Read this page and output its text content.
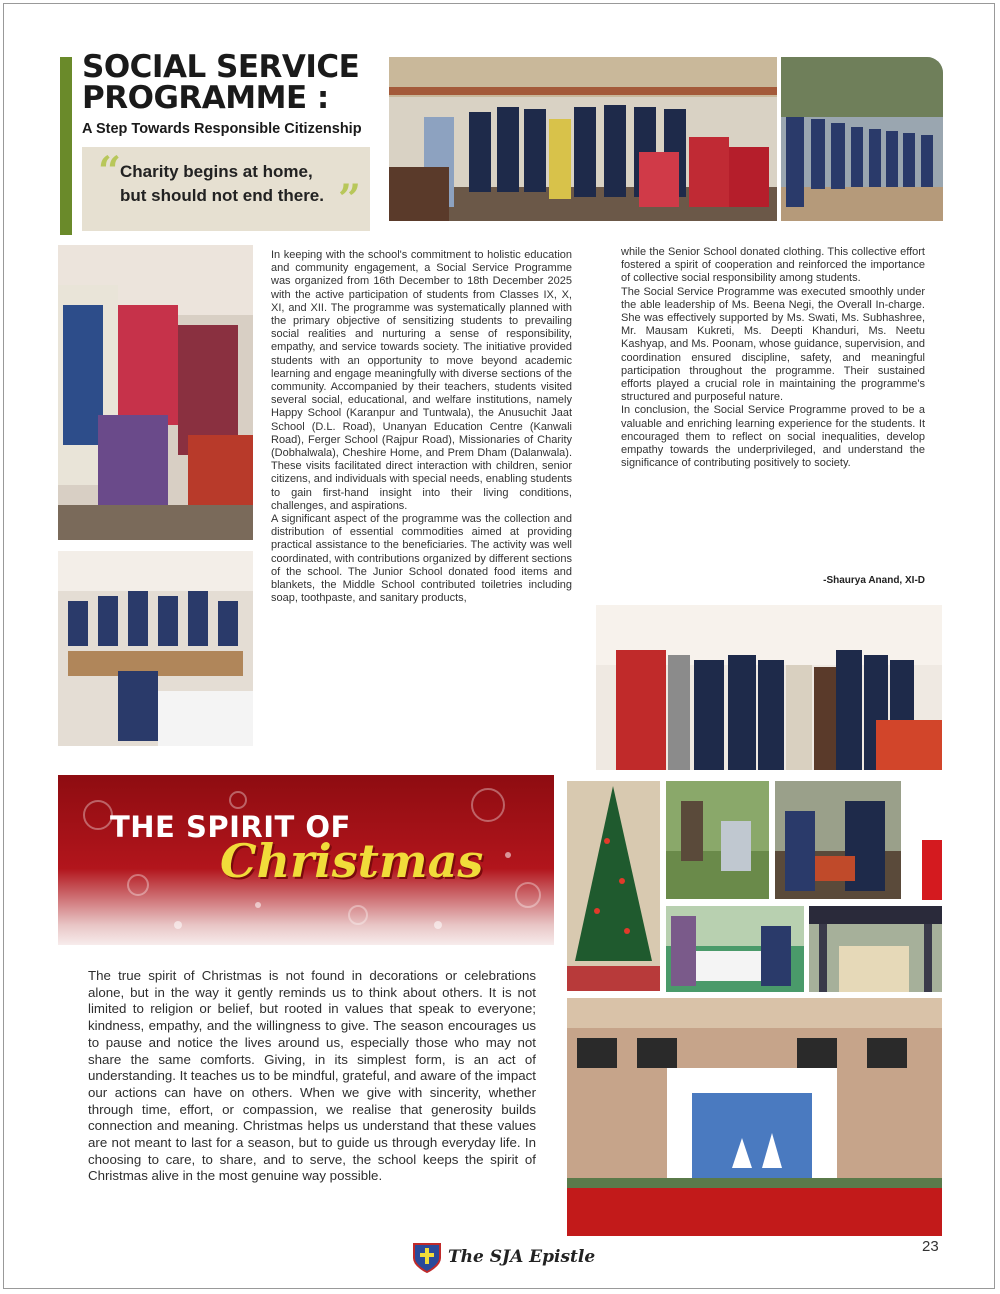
SOCIAL SERVICE
PROGRAMME :
A Step Towards Responsible Citizenship
“
Charity begins at home,
but should not end there. ”

In keeping with the school's commitment to holistic education and community engagement, a Social Service Programme was organized from 16th December to 18th December 2025 with the active participation of students from Classes IX, X, XI, and XII. The programme was systematically planned with the primary objective of sensitizing students to prevailing social realities and nurturing a sense of responsibility, empathy, and service towards society. The initiative provided students with an opportunity to move beyond academic learning and engage meaningfully with diverse sections of the community. Accompanied by their teachers, students visited several social, educational, and welfare institutions, namely Happy School (Karanpur and Tuntwala), the Anusuchit Jaat School (D.L. Road), Unanyan Education Centre (Kanwali Road), Ferger School (Rajpur Road), Missionaries of Charity (Dobhalwala), Cheshire Home, and Prem Dham (Dalanwala). These visits facilitated direct interaction with children, senior citizens, and individuals with special needs, enabling students to gain first-hand insight into their living conditions, challenges, and aspirations.

A significant aspect of the programme was the collection and distribution of essential commodities aimed at providing practical assistance to the beneficiaries. The activity was well coordinated, with contributions organized by different sections of the school. The Junior School donated food items and blankets, the Middle School contributed toiletries including soap, toothpaste, and sanitary products,

while the Senior School donated clothing. This collective effort fostered a spirit of cooperation and reinforced the importance of collective social responsibility among students.

The Social Service Programme was executed smoothly under the able leadership of Ms. Beena Negi, the Overall In-charge. She was effectively supported by Ms. Swati, Ms. Subhashree, Mr. Mausam Kukreti, Ms. Deepti Khanduri, Ms. Neetu Kashyap, and Ms. Poonam, whose guidance, supervision, and coordination ensured discipline, safety, and meaningful participation throughout the programme. Their sustained efforts played a crucial role in maintaining the programme's structured and purposeful nature.

In conclusion, the Social Service Programme proved to be a valuable and enriching learning experience for the students. It encouraged them to reflect on social inequalities, develop empathy towards the underprivileged, and understand the significance of contributing positively to society.

-Shaurya Anand, XI-D
THE SPIRIT OF
Christmas

The true spirit of Christmas is not found in decorations or celebrations alone, but in the way it gently reminds us to think about others. It is not limited to religion or belief, but rooted in values that speak to everyone; kindness, empathy, and the willingness to give. The season encourages us to pause and notice the lives around us, especially those who may not share the same comforts. Giving, in its simplest form, is an act of understanding. It teaches us to be mindful, grateful, and aware of the impact our actions can have on others. When we give with sincerity, whether through time, effort, or compassion, we realise that generosity builds connection and meaning. Christmas helps us understand that these values are not meant to last for a season, but to guide us through everyday life. In choosing to care, to share, and to serve, the school keeps the spirit of Christmas alive in the most genuine way possible.

The SJA Epistle
23
